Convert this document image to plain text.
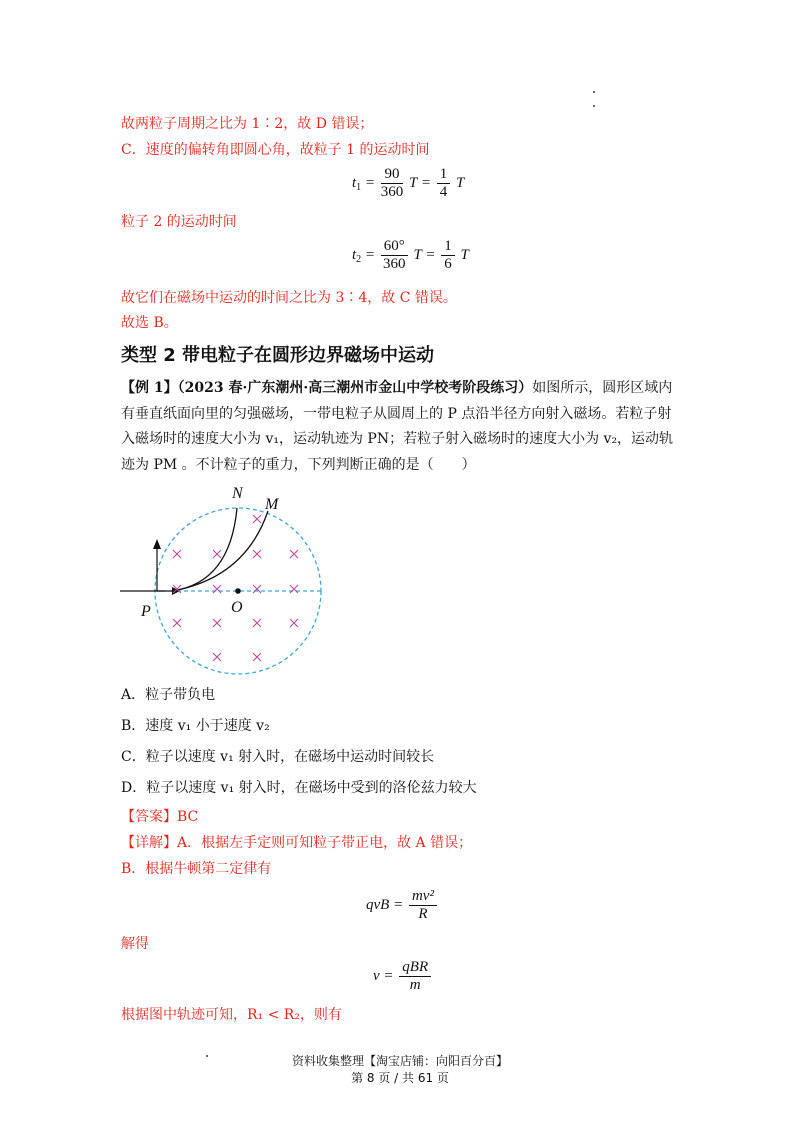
故两粒子周期之比为 1∶2，故 D 错误；
C．速度的偏转角即圆心角，故粒子 1 的运动时间
$t_1 = \frac{90}{360}$ $T = \frac{1}{4}$ T
粒子 2 的运动时间
$t_2 = \frac{60^\circ}{360}$ $T = \frac{1}{6}$ T
故它们在磁场中运动的时间之比为 3∶4，故 C 错误。
故选 B。
类型 2 带电粒子在圆形边界磁场中运动
【例 1】（2023 春·广东潮州·高三潮州市金山中学校考阶段练习）如图所示，圆形区域内
有垂直纸面向里的匀强磁场，一带电粒子从圆周上的 P 点沿半径方向射入磁场。若粒子射
入磁场时的速度大小为 v₁，运动轨迹为 PN；若粒子射入磁场时的速度大小为 v₂，运动轨
迹为 PM 。不计粒子的重力，下列判断正确的是（　　）
N
M
P	O
A．粒子带负电
B．速度 v₁ 小于速度 v₂
C．粒子以速度 v₁ 射入时，在磁场中运动时间较长
D．粒子以速度 v₁ 射入时，在磁场中受到的洛伦兹力较大
【答案】BC
【详解】A．根据左手定则可知粒子带正电，故 A 错误；
B．根据牛顿第二定律有
qvB = $\frac{\text{mv²}}{R}$
解得
$v = \frac{\text{qBR}}{m}$
根据图中轨迹可知，R₁ < R₂，则有
资料收集整理【淘宝店铺：向阳百分百】
第 8 页 / 共 61 页
